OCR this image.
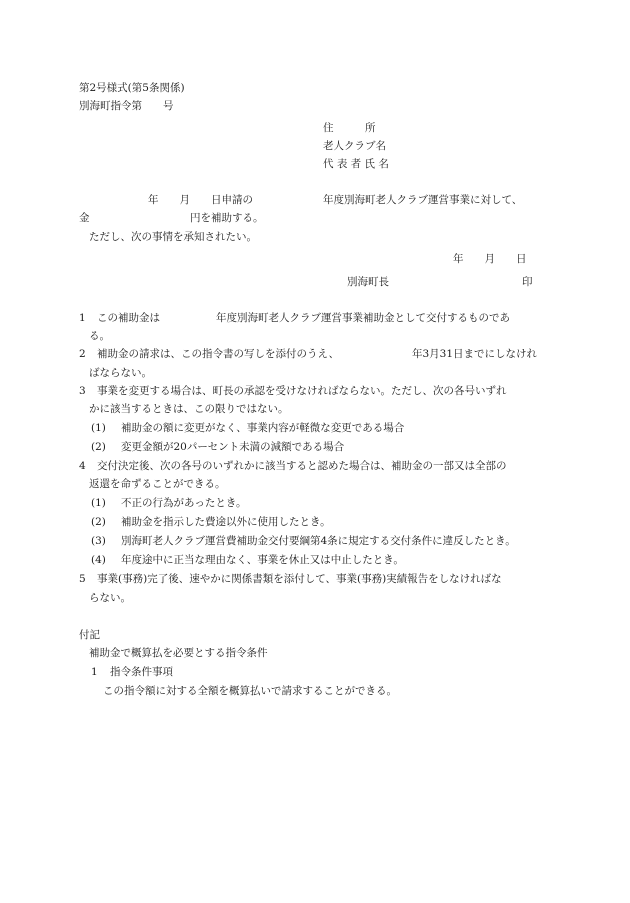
第2号様式(第5条関係)
別海町指令第　　号
住　　　所
老人クラブ名
代 表 者 氏 名
年　　月　　日申請の	年度別海町老人クラブ運営事業に対して、
金	円を補助する。
ただし、次の事情を承知されたい。
年　　月　　日
別海町長	印
1 この補助金は	年度別海町老人クラブ運営事業補助金として交付するものであ
る。
2 補助金の請求は、この指令書の写しを添付のうえ、	年3月31日までにしなけれ
ばならない。
3 事業を変更する場合は、町長の承認を受けなければならない。ただし、次の各号いずれ
かに該当するときは、この限りではない。
(1) 補助金の額に変更がなく、事業内容が軽微な変更である場合
(2) 変更金額が20パーセント未満の減額である場合
4 交付決定後、次の各号のいずれかに該当すると認めた場合は、補助金の一部又は全部の
返還を命ずることができる。
(1) 不正の行為があったとき。
(2) 補助金を指示した費途以外に使用したとき。
(3) 別海町老人クラブ運営費補助金交付要綱第4条に規定する交付条件に違反したとき。
(4) 年度途中に正当な理由なく、事業を休止又は中止したとき。
5 事業(事務)完了後、速やかに関係書類を添付して、事業(事務)実績報告をしなければな
らない。
付記
補助金で概算払を必要とする指令条件
1 指令条件事項
この指令額に対する全額を概算払いで請求することができる。
